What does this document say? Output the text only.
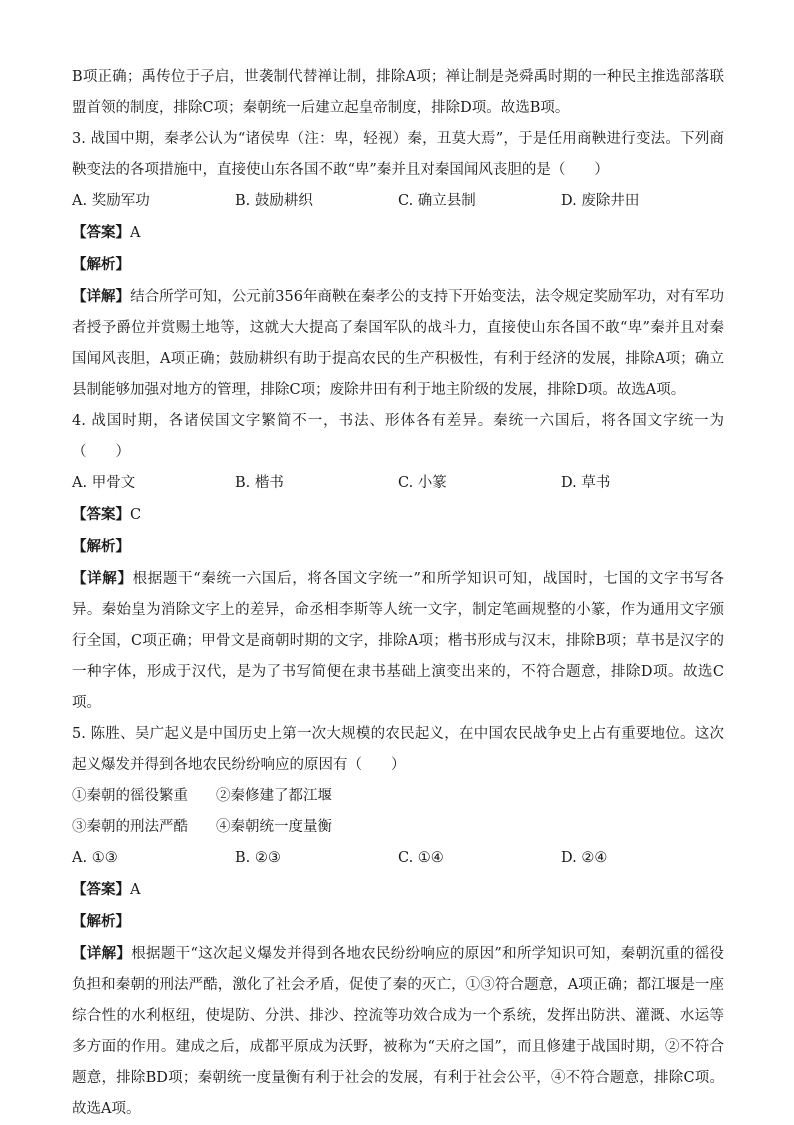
B项正确；禹传位于子启，世袭制代替禅让制，排除A项；禅让制是尧舜禹时期的一种民主推选部落联盟首领的制度，排除C项；秦朝统一后建立起皇帝制度，排除D项。故选B项。

3. 战国中期，秦孝公认为“诸侯卑（注：卑，轻视）秦，丑莫大焉”，于是任用商鞅进行变法。下列商鞅变法的各项措施中，直接使山东各国不敢“卑”秦并且对秦国闻风丧胆的是（　　）

A. 奖励军功	B. 鼓励耕织	C. 确立县制	D. 废除井田

【答案】A

【解析】

【详解】结合所学可知，公元前356年商鞅在秦孝公的支持下开始变法，法令规定奖励军功，对有军功者授予爵位并赏赐土地等，这就大大提高了秦国军队的战斗力，直接使山东各国不敢“卑”秦并且对秦国闻风丧胆，A项正确；鼓励耕织有助于提高农民的生产积极性，有利于经济的发展，排除A项；确立县制能够加强对地方的管理，排除C项；废除井田有利于地主阶级的发展，排除D项。故选A项。

4. 战国时期，各诸侯国文字繁简不一，书法、形体各有差异。秦统一六国后，将各国文字统一为（　　）

A. 甲骨文	B. 楷书	C. 小篆	D. 草书

【答案】C

【解析】

【详解】根据题干“秦统一六国后，将各国文字统一”和所学知识可知，战国时，七国的文字书写各异。秦始皇为消除文字上的差异，命丞相李斯等人统一文字，制定笔画规整的小篆，作为通用文字颁行全国，C项正确；甲骨文是商朝时期的文字，排除A项；楷书形成与汉末，排除B项；草书是汉字的一种字体，形成于汉代，是为了书写简便在隶书基础上演变出来的，不符合题意，排除D项。故选C项。

5. 陈胜、吴广起义是中国历史上第一次大规模的农民起义，在中国农民战争史上占有重要地位。这次起义爆发并得到各地农民纷纷响应的原因有（　　）

①秦朝的徭役繁重 ②秦修建了都江堰

③秦朝的刑法严酷 ④秦朝统一度量衡

A. ①③	B. ②③	C. ①④	D. ②④

【答案】A

【解析】

【详解】根据题干“这次起义爆发并得到各地农民纷纷响应的原因”和所学知识可知，秦朝沉重的徭役负担和秦朝的刑法严酷，激化了社会矛盾，促使了秦的灭亡，①③符合题意，A项正确；都江堰是一座综合性的水利枢纽，使堤防、分洪、排沙、控流等功效合成为一个系统，发挥出防洪、灌溉、水运等多方面的作用。建成之后，成都平原成为沃野，被称为“天府之国”，而且修建于战国时期，②不符合题意，排除BD项；秦朝统一度量衡有利于社会的发展，有利于社会公平，④不符合题意，排除C项。故选A项。
